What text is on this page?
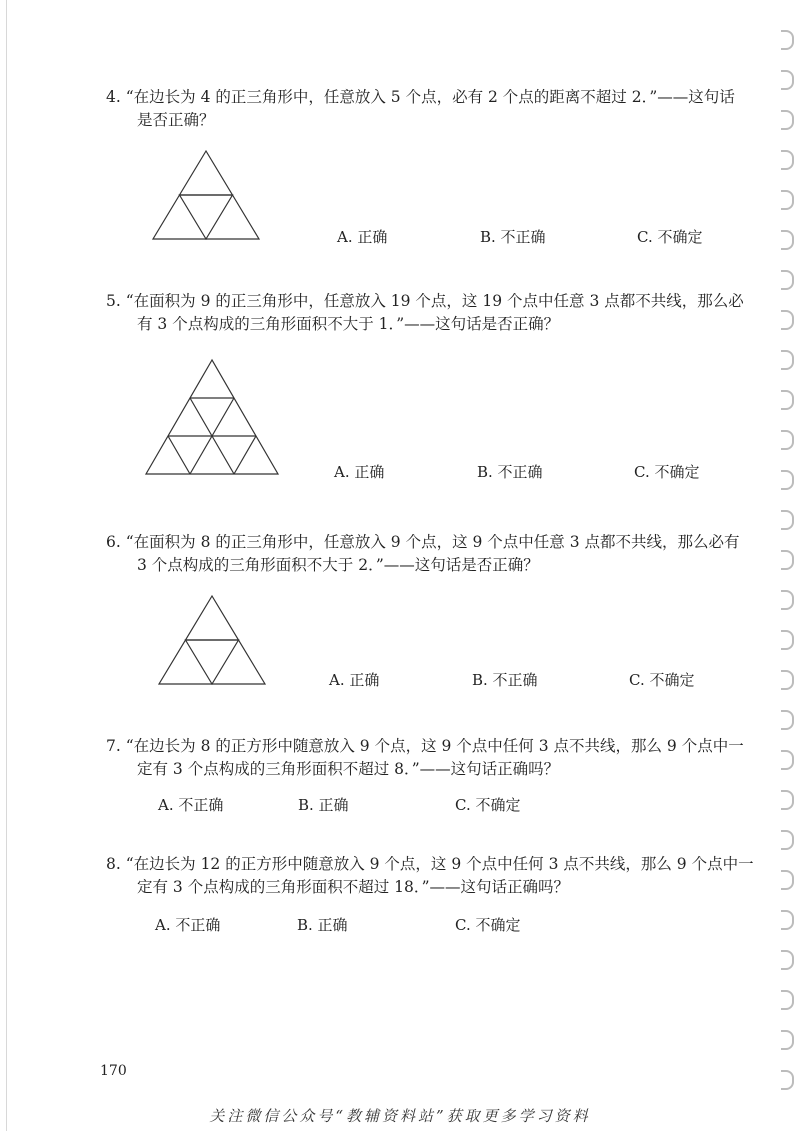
4. “在边长为 4 的正三角形中，任意放入 5 个点，必有 2 个点的距离不超过 2．”——这句话
是否正确？
A. 正确	B. 不正确	C. 不确定
5. “在面积为 9 的正三角形中，任意放入 19 个点，这 19 个点中任意 3 点都不共线，那么必
有 3 个点构成的三角形面积不大于 1．”——这句话是否正确？
A. 正确	B. 不正确	C. 不确定
6. “在面积为 8 的正三角形中，任意放入 9 个点，这 9 个点中任意 3 点都不共线，那么必有
3 个点构成的三角形面积不大于 2．”——这句话是否正确？
A. 正确	B. 不正确	C. 不确定
7. “在边长为 8 的正方形中随意放入 9 个点，这 9 个点中任何 3 点不共线，那么 9 个点中一
定有 3 个点构成的三角形面积不超过 8．”——这句话正确吗？
A. 不正确	B. 正确	C. 不确定
8. “在边长为 12 的正方形中随意放入 9 个点，这 9 个点中任何 3 点不共线，那么 9 个点中一
定有 3 个点构成的三角形面积不超过 18．”——这句话正确吗？
A. 不正确	B. 正确	C. 不确定
170
关注微信公众号“教辅资料站”获取更多学习资料
